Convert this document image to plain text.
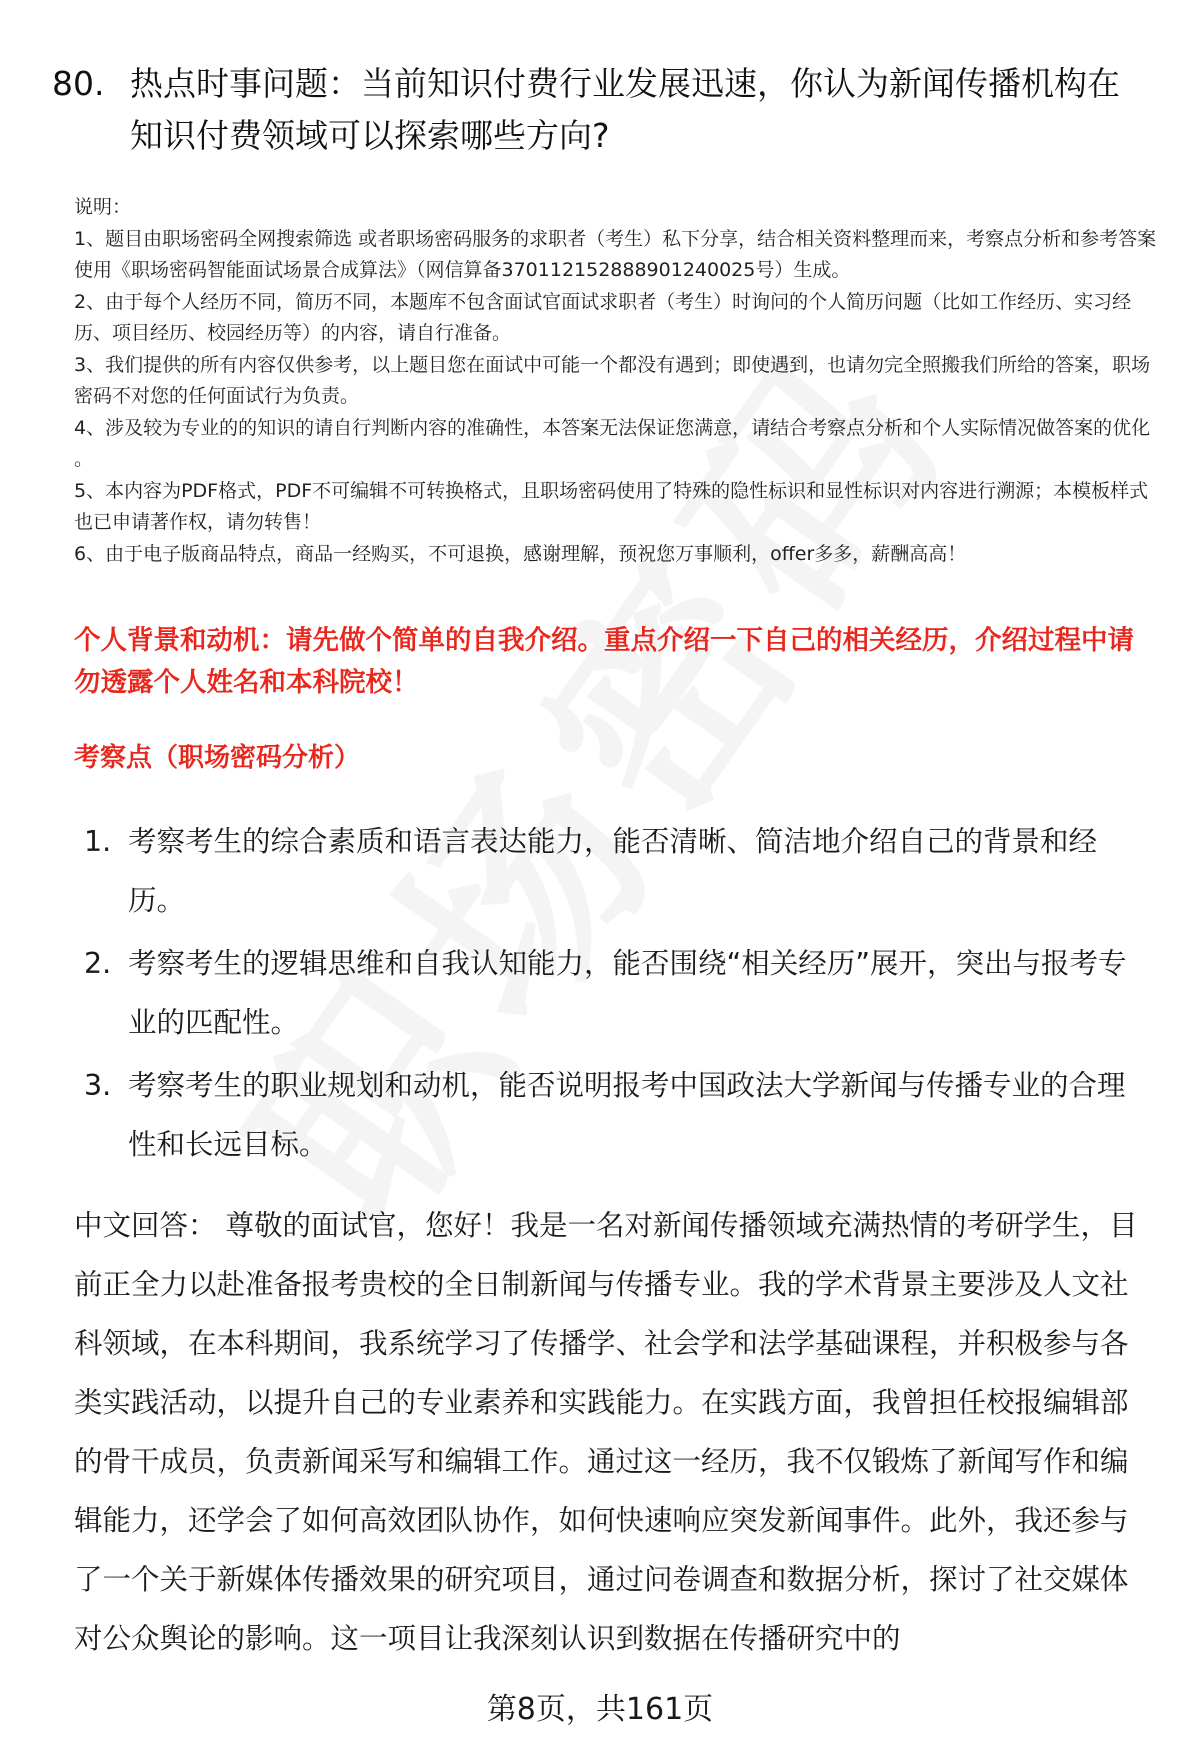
80. 热点时事问题：当前知识付费行业发展迅速，你认为新闻传播机构在知识付费领域可以探索哪些方向?

说明：

1、题目由职场密码全网搜索筛选 或者职场密码服务的求职者（考生）私下分享，结合相关资料整理而来，考察点分析和参考答案使用《职场密码智能面试场景合成算法》（网信算备370112152888901240025号）生成。

2、由于每个人经历不同，简历不同，本题库不包含面试官面试求职者（考生）时询问的个人简历问题（比如工作经历、实习经历、项目经历、校园经历等）的内容，请自行准备。

3、我们提供的所有内容仅供参考，以上题目您在面试中可能一个都没有遇到；即使遇到，也请勿完全照搬我们所给的答案，职场密码不对您的任何面试行为负责。

4、涉及较为专业的的知识的请自行判断内容的准确性，本答案无法保证您满意，请结合考察点分析和个人实际情况做答案的优化 。

5、本内容为PDF格式，PDF不可编辑不可转换格式，且职场密码使用了特殊的隐性标识和显性标识对内容进行溯源；本模板样式也已申请著作权，请勿转售！

6、由于电子版商品特点，商品一经购买，不可退换，感谢理解，预祝您万事顺利，offer多多，薪酬高高！

个人背景和动机：请先做个简单的自我介绍。重点介绍一下自己的相关经历，介绍过程中请勿透露个人姓名和本科院校！
考察点（职场密码分析）
1. 考察考生的综合素质和语言表达能力，能否清晰、简洁地介绍自己的背景和经历。
2. 考察考生的逻辑思维和自我认知能力，能否围绕“相关经历”展开，突出与报考专业的匹配性。
3. 考察考生的职业规划和动机，能否说明报考中国政法大学新闻与传播专业的合理性和长远目标。

中文回答： 尊敬的面试官，您好！我是一名对新闻传播领域充满热情的考研学生，目前正全力以赴准备报考贵校的全日制新闻与传播专业。我的学术背景主要涉及人文社科领域，在本科期间，我系统学习了传播学、社会学和法学基础课程，并积极参与各类实践活动，以提升自己的专业素养和实践能力。在实践方面，我曾担任校报编辑部的骨干成员，负责新闻采写和编辑工作。通过这一经历，我不仅锻炼了新闻写作和编辑能力，还学会了如何高效团队协作，如何快速响应突发新闻事件。此外，我还参与了一个关于新媒体传播效果的研究项目，通过问卷调查和数据分析，探讨了社交媒体对公众舆论的影响。这一项目让我深刻认识到数据在传播研究中的

第8页，共161页
